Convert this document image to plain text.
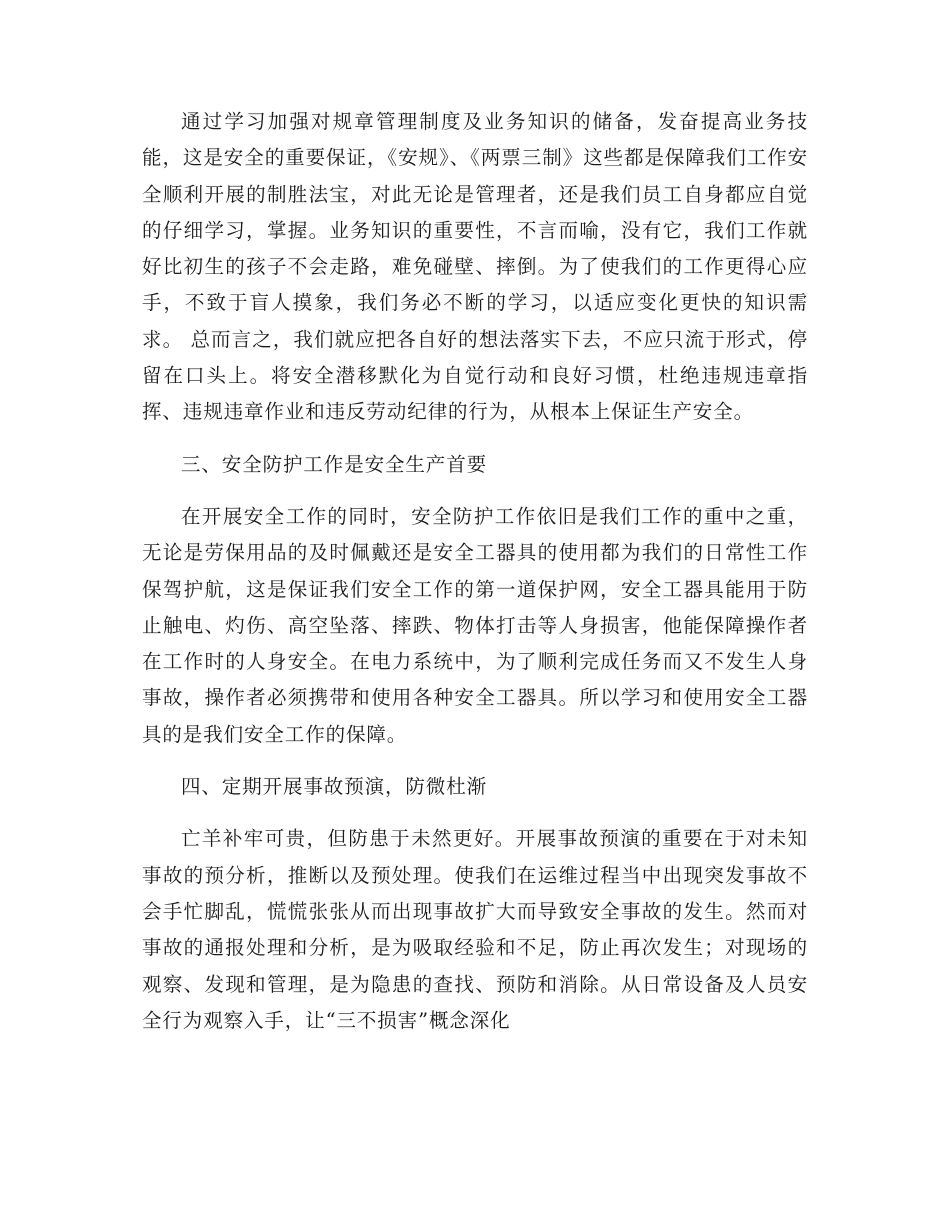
通过学习加强对规章管理制度及业务知识的储备，发奋提高业务技能，这是安全的重要保证，《安规》、《两票三制》这些都是保障我们工作安全顺利开展的制胜法宝，对此无论是管理者，还是我们员工自身都应自觉的仔细学习，掌握。业务知识的重要性，不言而喻，没有它，我们工作就好比初生的孩子不会走路，难免碰壁、摔倒。为了使我们的工作更得心应手，不致于盲人摸象，我们务必不断的学习，以适应变化更快的知识需求。 总而言之，我们就应把各自好的想法落实下去，不应只流于形式，停留在口头上。将安全潜移默化为自觉行动和良好习惯，杜绝违规违章指挥、违规违章作业和违反劳动纪律的行为，从根本上保证生产安全。

三、安全防护工作是安全生产首要

在开展安全工作的同时，安全防护工作依旧是我们工作的重中之重，无论是劳保用品的及时佩戴还是安全工器具的使用都为我们的日常性工作保驾护航，这是保证我们安全工作的第一道保护网，安全工器具能用于防止触电、灼伤、高空坠落、摔跌、物体打击等人身损害，他能保障操作者在工作时的人身安全。在电力系统中，为了顺利完成任务而又不发生人身事故，操作者必须携带和使用各种安全工器具。所以学习和使用安全工器具的是我们安全工作的保障。

四、定期开展事故预演，防微杜渐

亡羊补牢可贵，但防患于未然更好。开展事故预演的重要在于对未知事故的预分析，推断以及预处理。使我们在运维过程当中出现突发事故不会手忙脚乱，慌慌张张从而出现事故扩大而导致安全事故的发生。然而对事故的通报处理和分析，是为吸取经验和不足，防止再次发生；对现场的观察、发现和管理，是为隐患的查找、预防和消除。从日常设备及人员安全行为观察入手，让“三不损害”概念深化
